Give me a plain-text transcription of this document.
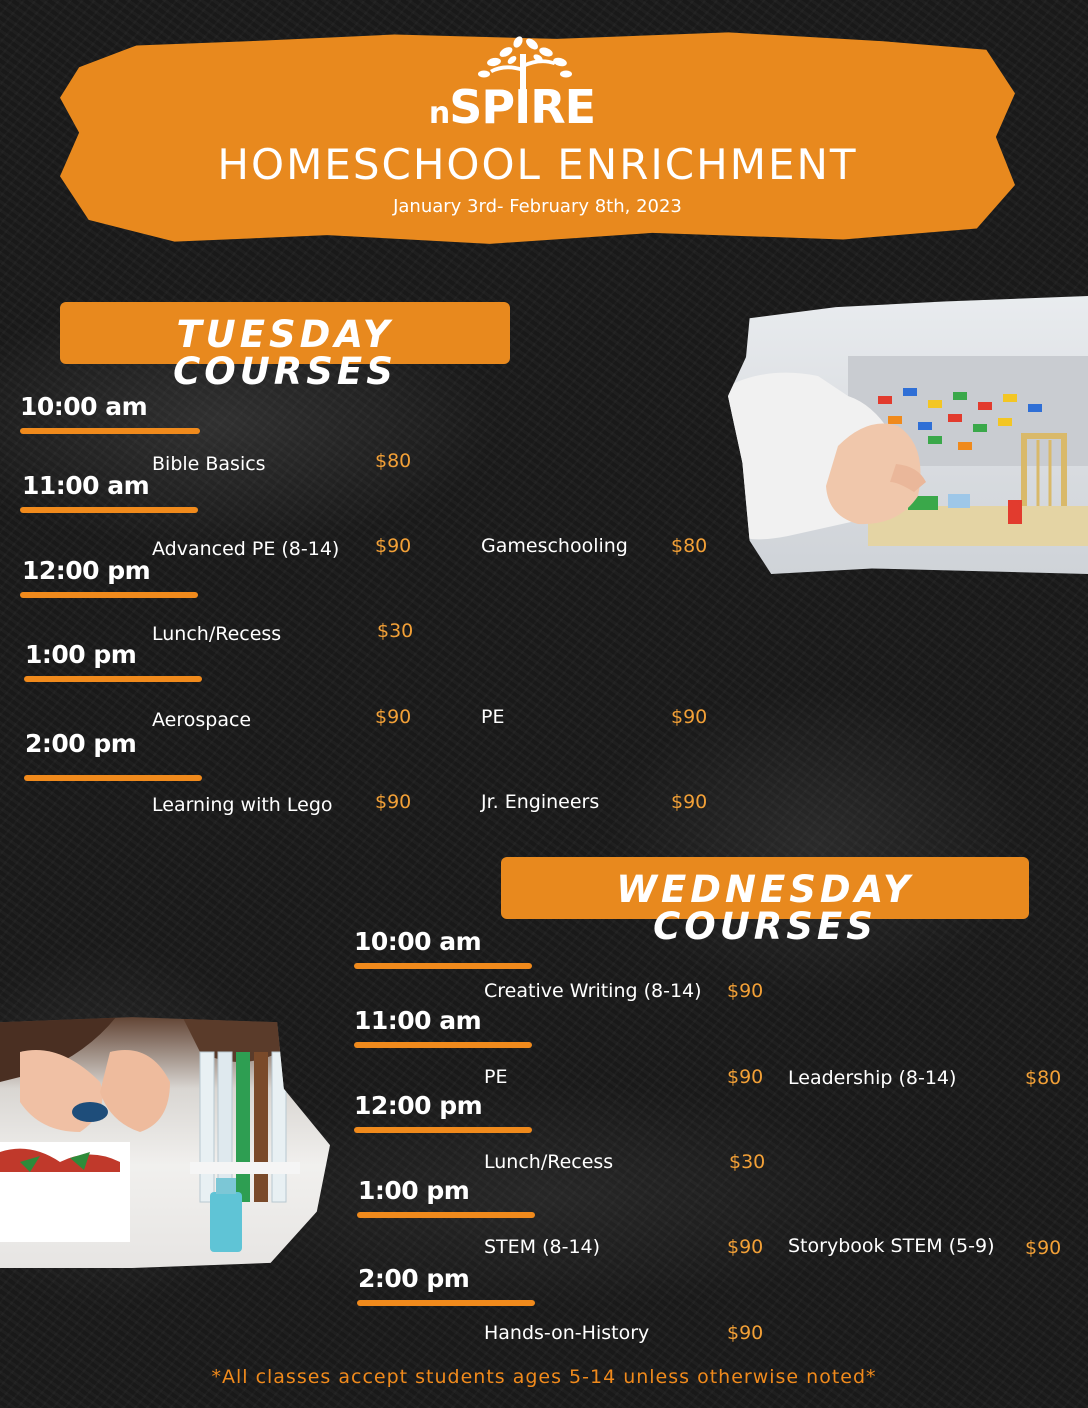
nSPIRE
HOMESCHOOL ENRICHMENT
January 3rd- February 8th, 2023
TUESDAY COURSES
10:00 am
Bible Basics	$80
11:00 am
Advanced PE (8-14) $90	Gameschooling $80
12:00 pm
Lunch/Recess	$30
1:00 pm
Aerospace	$90	PE	$90
2:00 pm
Learning with Lego $90	Jr. Engineers	$90
WEDNESDAY COURSES
10:00 am
Creative Writing (8-14) $90
11:00 am
PE	$90 Leadership (8-14)	$80
12:00 pm
Lunch/Recess	$30
1:00 pm
STEM (8-14)	$90 Storybook STEM (5-9) $90
2:00 pm
Hands-on-History	$90
*All classes accept students ages 5-14 unless otherwise noted*
